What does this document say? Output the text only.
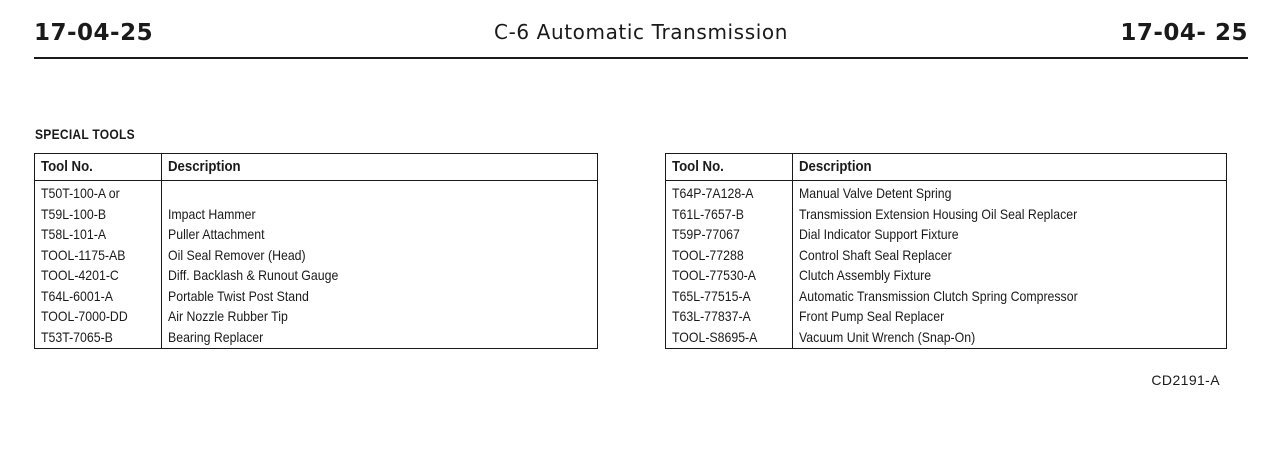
17-04-25	C-6 Automatic Transmission	17-04- 25
SPECIAL TOOLS
Tool No.	Description
T50T-100-A or	
T59L-100-B	Impact Hammer
T58L-101-A	Puller Attachment
TOOL-1175-AB	Oil Seal Remover (Head)
TOOL-4201-C	Diff. Backlash & Runout Gauge
T64L-6001-A	Portable Twist Post Stand
TOOL-7000-DD	Air Nozzle Rubber Tip
T53T-7065-B	Bearing Replacer
Tool No.	Description
T64P-7A128-A	Manual Valve Detent Spring
T61L-7657-B	Transmission Extension Housing Oil Seal Replacer
T59P-77067	Dial Indicator Support Fixture
TOOL-77288	Control Shaft Seal Replacer
TOOL-77530-A	Clutch Assembly Fixture
T65L-77515-A	Automatic Transmission Clutch Spring Compressor
T63L-77837-A	Front Pump Seal Replacer
TOOL-S8695-A	Vacuum Unit Wrench (Snap-On)
CD2191-A
